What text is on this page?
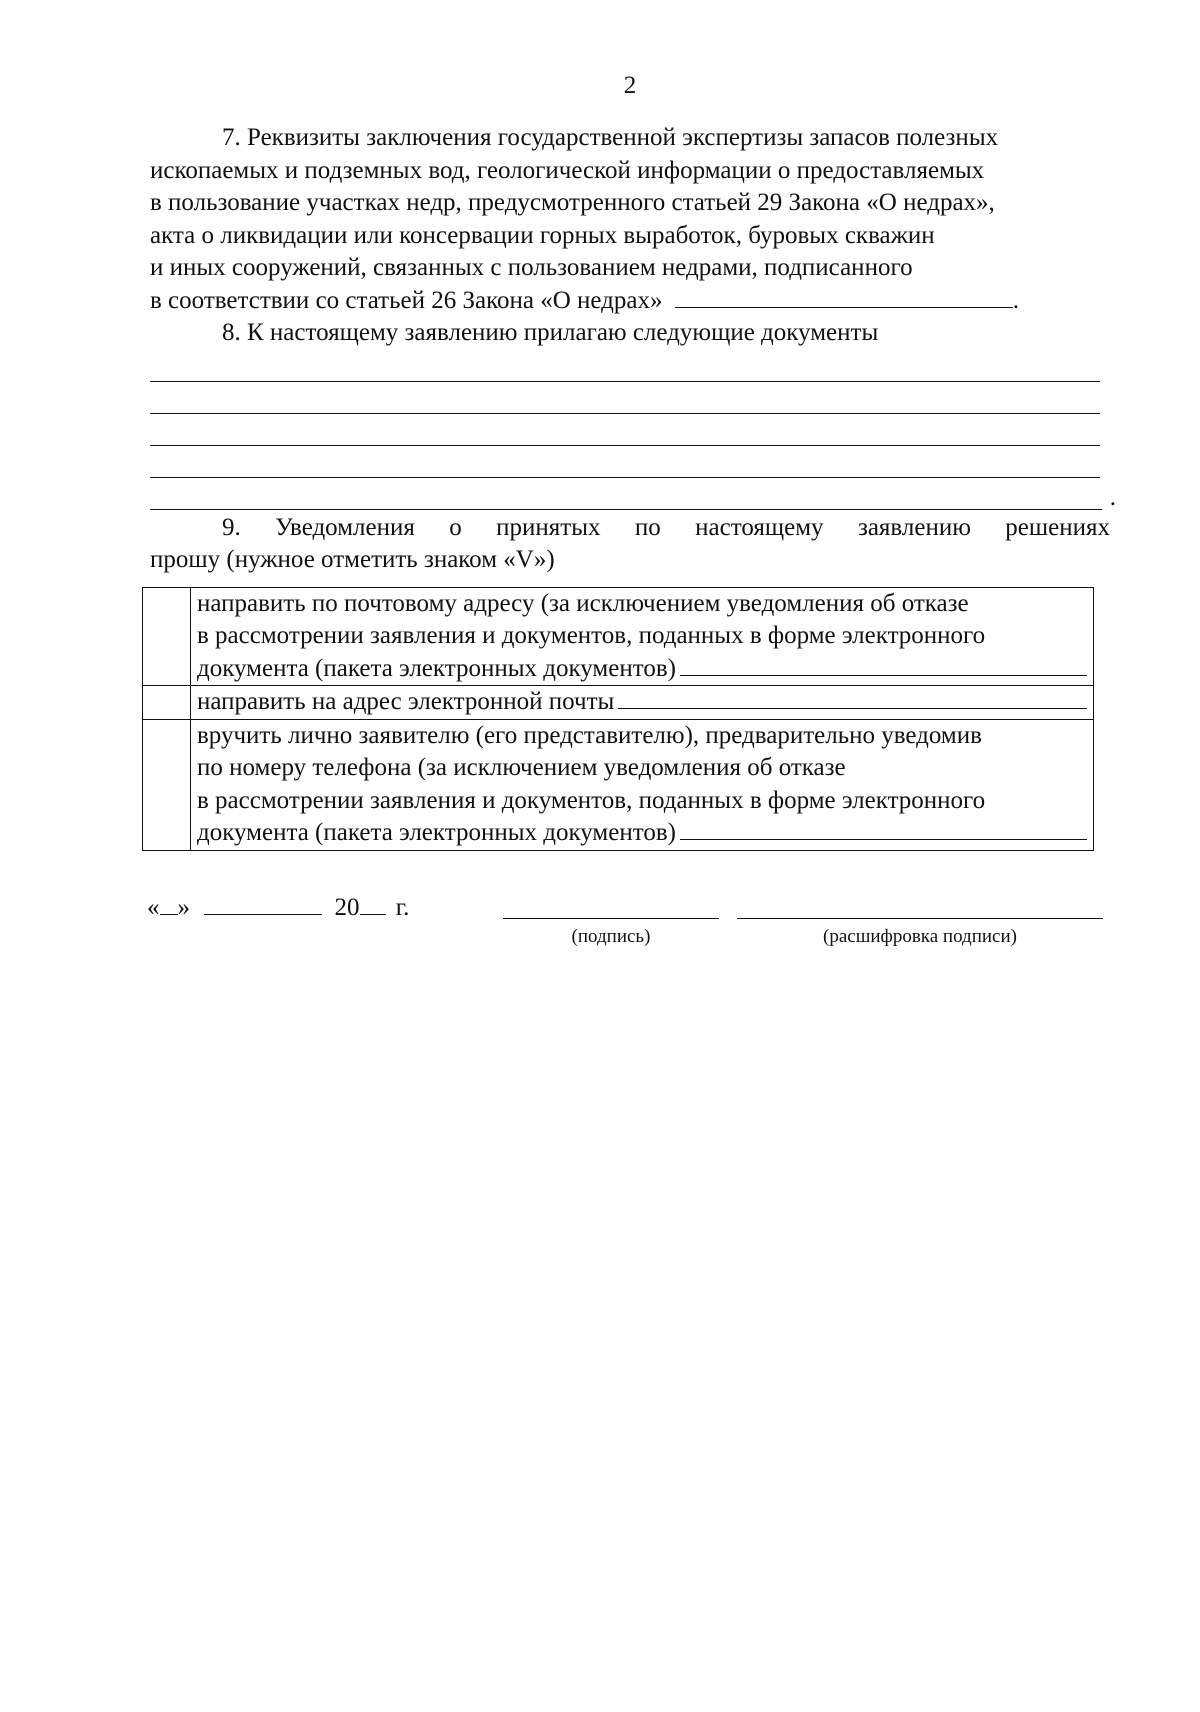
2
7. Реквизиты заключения государственной экспертизы запасов полезных
ископаемых и подземных вод, геологической информации о предоставляемых
в пользование участках недр, предусмотренного статьей 29 Закона «О недрах»,
акта о ликвидации или консервации горных выработок, буровых скважин
и иных сооружений, связанных с пользованием недрами, подписанного
в соответствии со статьей 26 Закона «О недрах»	.
8. К настоящему заявлению прилагаю следующие документы
.
9. Уведомления о принятых по настоящему заявлению решениях
прошу (нужное отметить знаком «V»)

	направить по почтовому адресу (за исключением уведомления об отказе
в рассмотрении заявления и документов, поданных в форме электронного
документа (пакета электронных документов)

	направить на адрес электронной почты

	вручить лично заявителю (его представителю), предварительно уведомив
по номеру телефона (за исключением уведомления об отказе
в рассмотрении заявления и документов, поданных в форме электронного
документа (пакета электронных документов)
« »	20 г.
(подпись)	(расшифровка подписи)
